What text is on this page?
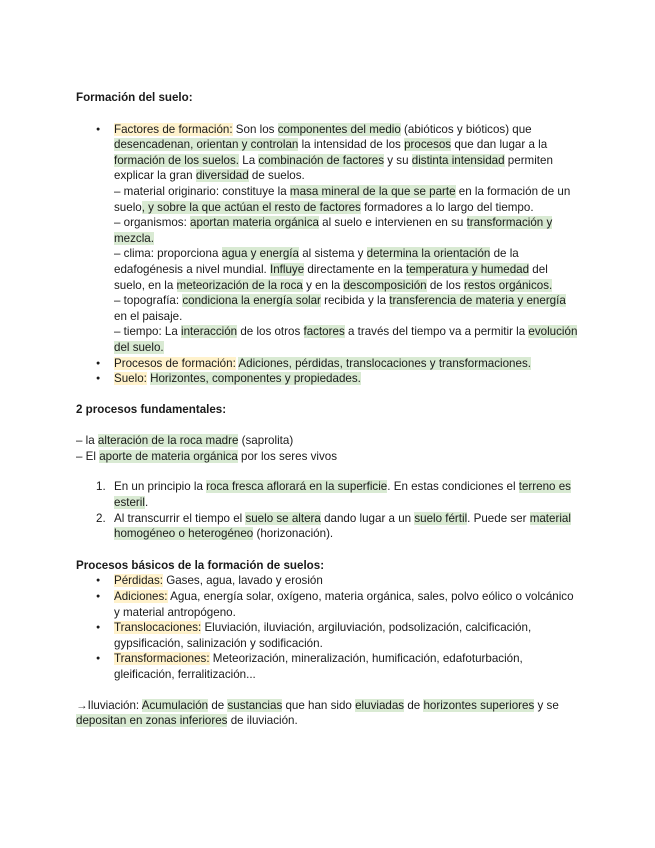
Formación del suelo:
● Factores de formación: Son los componentes del medio (abióticos y bióticos) que desencadenan, orientan y controlan la intensidad de los procesos que dan lugar a la formación de los suelos. La combinación de factores y su distinta intensidad permiten explicar la gran diversidad de suelos.
– material originario: constituye la masa mineral de la que se parte en la formación de un suelo, y sobre la que actúan el resto de factores formadores a lo largo del tiempo.
– organismos: aportan materia orgánica al suelo e intervienen en su transformación y mezcla.
– clima: proporciona agua y energía al sistema y determina la orientación de la edafogénesis a nivel mundial. Influye directamente en la temperatura y humedad del suelo, en la meteorización de la roca y en la descomposición de los restos orgánicos.
– topografía: condiciona la energía solar recibida y la transferencia de materia y energía en el paisaje.
– tiempo: La interacción de los otros factores a través del tiempo va a permitir la evolución del suelo.
● Procesos de formación: Adiciones, pérdidas, translocaciones y transformaciones.
● Suelo: Horizontes, componentes y propiedades.
2 procesos fundamentales:
– la alteración de la roca madre (saprolita)
– El aporte de materia orgánica por los seres vivos
1. En un principio la roca fresca aflorará en la superficie. En estas condiciones el terreno es esteril.
2. Al transcurrir el tiempo el suelo se altera dando lugar a un suelo fértil. Puede ser material homogéneo o heterogéneo (horizonación).
Procesos básicos de la formación de suelos:
● Pérdidas: Gases, agua, lavado y erosión
● Adiciones: Agua, energía solar, oxígeno, materia orgánica, sales, polvo eólico o volcánico y material antropógeno.
● Translocaciones: Eluviación, iluviación, argiluviación, podsolización, calcificación, gypsificación, salinización y sodificación.
● Transformaciones: Meteorización, mineralización, humificación, edafoturbación, gleificación, ferralitización...
→Iluviación: Acumulación de sustancias que han sido eluviadas de horizontes superiores y se depositan en zonas inferiores de iluviación.
